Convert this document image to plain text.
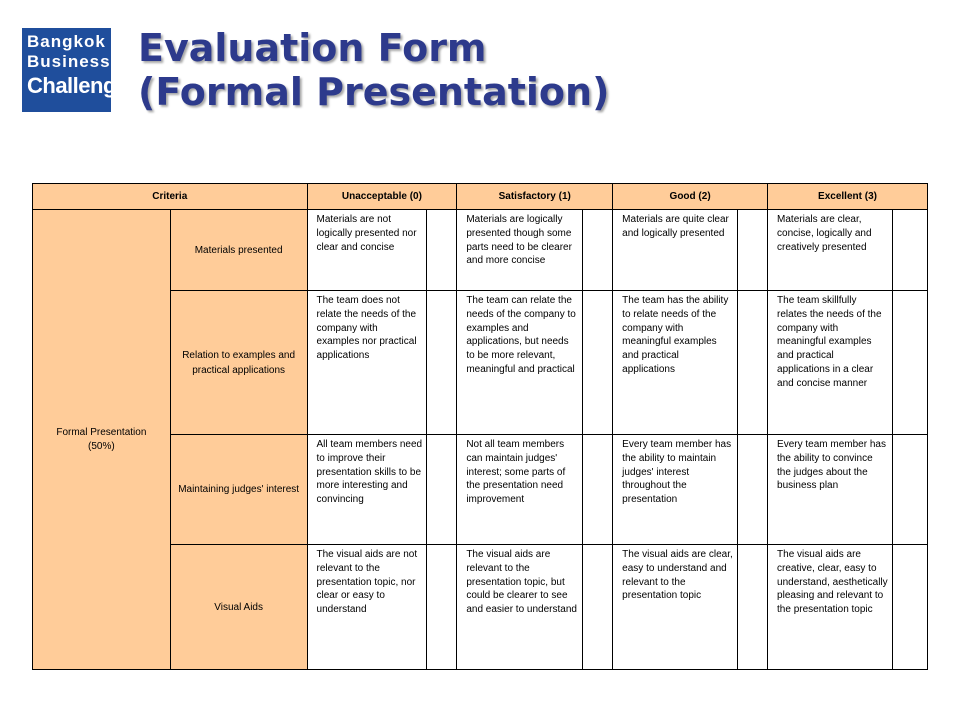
Bangkok
Business
Challenge
Evaluation Form
(Formal Presentation)
Criteria		Unacceptable (0)		Satisfactory (1)		Good (2)		Excellent (3)	
Formal Presentation
(50%)	Materials presented	Materials are not logically presented nor clear and concise		Materials are logically presented though some parts need to be clearer and more concise		Materials are quite clear and logically presented		Materials are clear, concise, logically and creatively presented	
	Relation to examples and practical applications	The team does not relate the needs of the company with examples nor practical applications		The team can relate the needs of the company to examples and applications, but needs to be more relevant, meaningful and practical		The team has the ability to relate needs of the company with meaningful examples and practical applications		The team skillfully relates the needs of the company with meaningful examples and practical applications in a clear and concise manner	
	Maintaining judges' interest	All team members need to improve their presentation skills to be more interesting and convincing		Not all team members can maintain judges' interest; some parts of the presentation need improvement		Every team member has the ability to maintain judges' interest throughout the presentation		Every team member has the ability to convince the judges about the business plan	
	Visual Aids	The visual aids are not relevant to the presentation topic, nor clear or easy to understand		The visual aids are relevant to the presentation topic, but could be clearer to see and easier to understand		The visual aids are clear, easy to understand and relevant to the presentation topic		The visual aids are creative, clear, easy to understand, aesthetically pleasing and relevant to the presentation topic	
